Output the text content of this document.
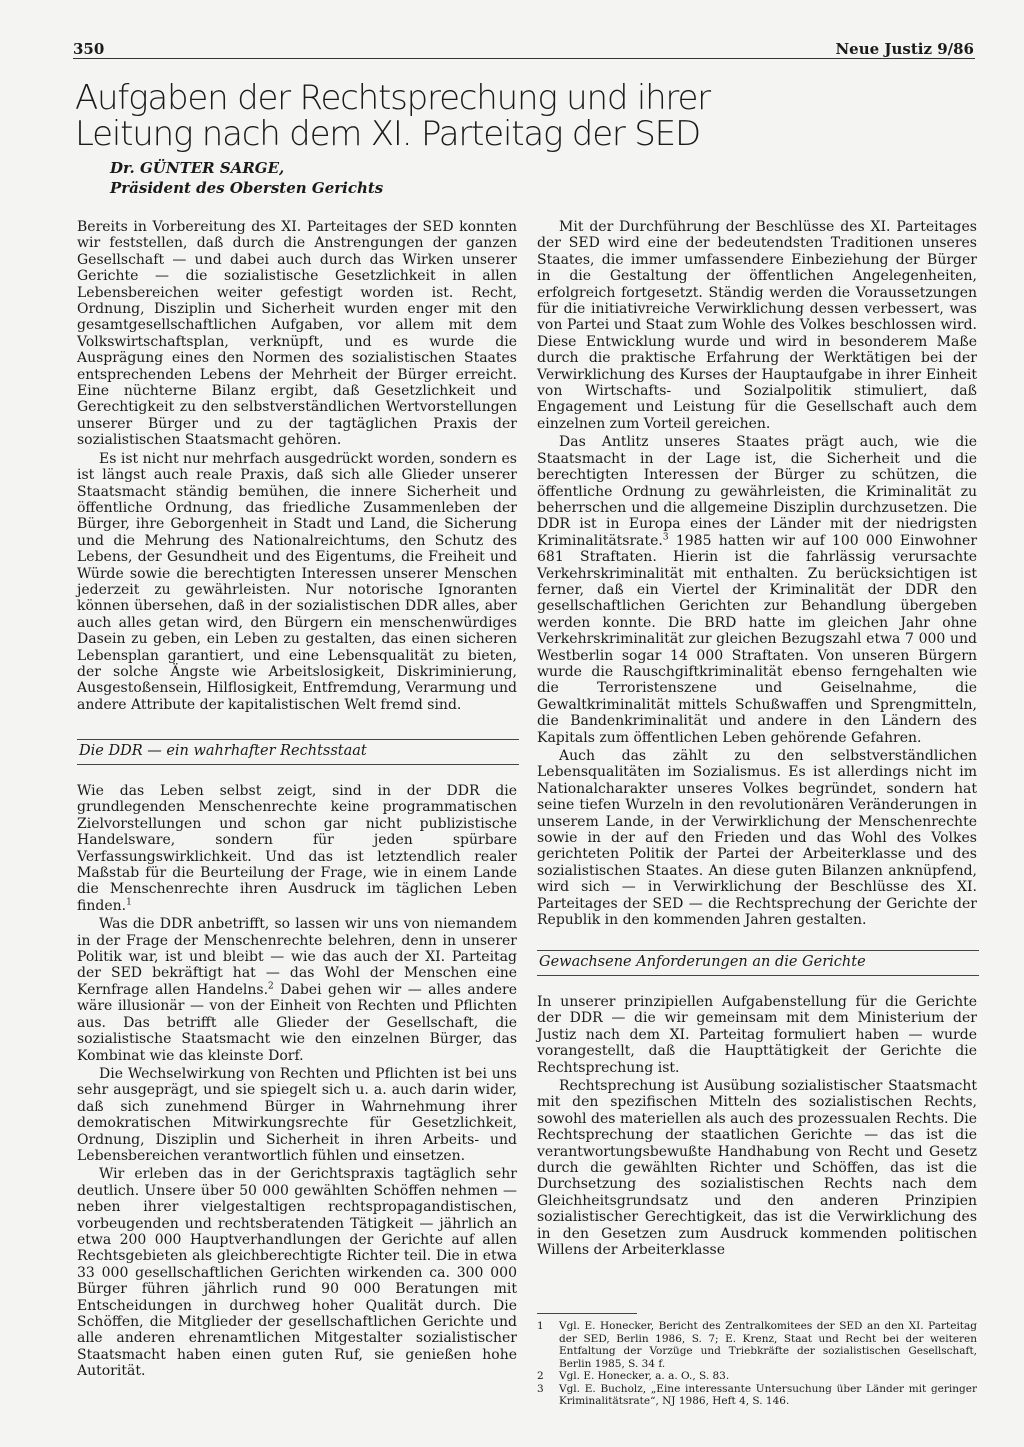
350	Neue Justiz 9/86
Aufgaben der Rechtsprechung und ihrer Leitung nach dem XI. Parteitag der SED
Dr. GÜNTER SARGE,
Präsident des Obersten Gerichts

Bereits in Vorbereitung des XI. Parteitages der SED konnten wir feststellen, daß durch die Anstrengungen der ganzen Gesellschaft — und dabei auch durch das Wirken unserer Gerichte — die sozialistische Gesetzlichkeit in allen Lebensbereichen weiter gefestigt worden ist. Recht, Ordnung, Disziplin und Sicherheit wurden enger mit den gesamtgesellschaftlichen Aufgaben, vor allem mit dem Volkswirtschaftsplan, verknüpft, und es wurde die Ausprägung eines den Normen des sozialistischen Staates entsprechenden Lebens der Mehrheit der Bürger erreicht. Eine nüchterne Bilanz ergibt, daß Gesetzlichkeit und Gerechtigkeit zu den selbstverständlichen Wertvorstellungen unserer Bürger und zu der tagtäglichen Praxis der sozialistischen Staatsmacht gehören.

Es ist nicht nur mehrfach ausgedrückt worden, sondern es ist längst auch reale Praxis, daß sich alle Glieder unserer Staatsmacht ständig bemühen, die innere Sicherheit und öffentliche Ordnung, das friedliche Zusammenleben der Bürger, ihre Geborgenheit in Stadt und Land, die Sicherung und die Mehrung des Nationalreichtums, den Schutz des Lebens, der Gesundheit und des Eigentums, die Freiheit und Würde sowie die berechtigten Interessen unserer Menschen jederzeit zu gewährleisten. Nur notorische Ignoranten können übersehen, daß in der sozialistischen DDR alles, aber auch alles getan wird, den Bürgern ein menschenwürdiges Dasein zu geben, ein Leben zu gestalten, das einen sicheren Lebensplan garantiert, und eine Lebensqualität zu bieten, der solche Ängste wie Arbeitslosigkeit, Diskriminierung, Ausgestoßensein, Hilflosigkeit, Entfremdung, Verarmung und andere Attribute der kapitalistischen Welt fremd sind.

Die DDR — ein wahrhafter Rechtsstaat

Wie das Leben selbst zeigt, sind in der DDR die grundlegenden Menschenrechte keine programmatischen Zielvorstellungen und schon gar nicht publizistische Handelsware, sondern für jeden spürbare Verfassungswirklichkeit. Und das ist letztendlich realer Maßstab für die Beurteilung der Frage, wie in einem Lande die Menschenrechte ihren Ausdruck im täglichen Leben finden.$^1$

Was die DDR anbetrifft, so lassen wir uns von niemandem in der Frage der Menschenrechte belehren, denn in unserer Politik war, ist und bleibt — wie das auch der XI. Parteitag der SED bekräftigt hat — das Wohl der Menschen eine Kernfrage allen Handelns.$^2$ Dabei gehen wir — alles andere wäre illusionär — von der Einheit von Rechten und Pflichten aus. Das betrifft alle Glieder der Gesellschaft, die sozialistische Staatsmacht wie den einzelnen Bürger, das Kombinat wie das kleinste Dorf.

Die Wechselwirkung von Rechten und Pflichten ist bei uns sehr ausgeprägt, und sie spiegelt sich u. a. auch darin wider, daß sich zunehmend Bürger in Wahrnehmung ihrer demokratischen Mitwirkungsrechte für Gesetzlichkeit, Ordnung, Disziplin und Sicherheit in ihren Arbeits- und Lebensbereichen verantwortlich fühlen und einsetzen.

Wir erleben das in der Gerichtspraxis tagtäglich sehr deutlich. Unsere über 50 000 gewählten Schöffen nehmen — neben ihrer vielgestaltigen rechtspropagandistischen, vorbeugenden und rechtsberatenden Tätigkeit — jährlich an etwa 200 000 Hauptverhandlungen der Gerichte auf allen Rechtsgebieten als gleichberechtigte Richter teil. Die in etwa 33 000 gesellschaftlichen Gerichten wirkenden ca. 300 000 Bürger führen jährlich rund 90 000 Beratungen mit Entscheidungen in durchweg hoher Qualität durch. Die Schöffen, die Mitglieder der gesellschaftlichen Gerichte und alle anderen ehrenamtlichen Mitgestalter sozialistischer Staatsmacht haben einen guten Ruf, sie genießen hohe Autorität.

Mit der Durchführung der Beschlüsse des XI. Parteitages der SED wird eine der bedeutendsten Traditionen unseres Staates, die immer umfassendere Einbeziehung der Bürger in die Gestaltung der öffentlichen Angelegenheiten, erfolgreich fortgesetzt. Ständig werden die Voraussetzungen für die initiativreiche Verwirklichung dessen verbessert, was von Partei und Staat zum Wohle des Volkes beschlossen wird. Diese Entwicklung wurde und wird in besonderem Maße durch die praktische Erfahrung der Werktätigen bei der Verwirklichung des Kurses der Hauptaufgabe in ihrer Einheit von Wirtschafts- und Sozialpolitik stimuliert, daß Engagement und Leistung für die Gesellschaft auch dem einzelnen zum Vorteil gereichen.

Das Antlitz unseres Staates prägt auch, wie die Staatsmacht in der Lage ist, die Sicherheit und die berechtigten Interessen der Bürger zu schützen, die öffentliche Ordnung zu gewährleisten, die Kriminalität zu beherrschen und die allgemeine Disziplin durchzusetzen. Die DDR ist in Europa eines der Länder mit der niedrigsten Kriminalitätsrate.$^3$ 1985 hatten wir auf 100 000 Einwohner 681 Straftaten. Hierin ist die fahrlässig verursachte Verkehrskriminalität mit enthalten. Zu berücksichtigen ist ferner, daß ein Viertel der Kriminalität der DDR den gesellschaftlichen Gerichten zur Behandlung übergeben werden konnte. Die BRD hatte im gleichen Jahr ohne Verkehrskriminalität zur gleichen Bezugszahl etwa 7 000 und Westberlin sogar 14 000 Straftaten. Von unseren Bürgern wurde die Rauschgiftkriminalität ebenso ferngehalten wie die Terroristenszene und Geiselnahme, die Gewaltkriminalität mittels Schußwaffen und Sprengmitteln, die Bandenkriminalität und andere in den Ländern des Kapitals zum öffentlichen Leben gehörende Gefahren.

Auch das zählt zu den selbstverständlichen Lebensqualitäten im Sozialismus. Es ist allerdings nicht im Nationalcharakter unseres Volkes begründet, sondern hat seine tiefen Wurzeln in den revolutionären Veränderungen in unserem Lande, in der Verwirklichung der Menschenrechte sowie in der auf den Frieden und das Wohl des Volkes gerichteten Politik der Partei der Arbeiterklasse und des sozialistischen Staates. An diese guten Bilanzen anknüpfend, wird sich — in Verwirklichung der Beschlüsse des XI. Parteitages der SED — die Rechtsprechung der Gerichte der Republik in den kommenden Jahren gestalten.

Gewachsene Anforderungen an die Gerichte

In unserer prinzipiellen Aufgabenstellung für die Gerichte der DDR — die wir gemeinsam mit dem Ministerium der Justiz nach dem XI. Parteitag formuliert haben — wurde vorangestellt, daß die Haupttätigkeit der Gerichte die Rechtsprechung ist.

Rechtsprechung ist Ausübung sozialistischer Staatsmacht mit den spezifischen Mitteln des sozialistischen Rechts, sowohl des materiellen als auch des prozessualen Rechts. Die Rechtsprechung der staatlichen Gerichte — das ist die verantwortungsbewußte Handhabung von Recht und Gesetz durch die gewählten Richter und Schöffen, das ist die Durchsetzung des sozialistischen Rechts nach dem Gleichheitsgrundsatz und den anderen Prinzipien sozialistischer Gerechtigkeit, das ist die Verwirklichung des in den Gesetzen zum Ausdruck kommenden politischen Willens der Arbeiterklasse

1	Vgl. E. Honecker, Bericht des Zentralkomitees der SED an den XI. Parteitag der SED, Berlin 1986, S. 7; E. Krenz, Staat und Recht bei der weiteren Entfaltung der Vorzüge und Triebkräfte der sozialistischen Gesellschaft, Berlin 1985, S. 34 f.
2	Vgl. E. Honecker, a. a. O., S. 83.
3	Vgl. E. Bucholz, „Eine interessante Untersuchung über Länder mit geringer Kriminalitätsrate“, NJ 1986, Heft 4, S. 146.
